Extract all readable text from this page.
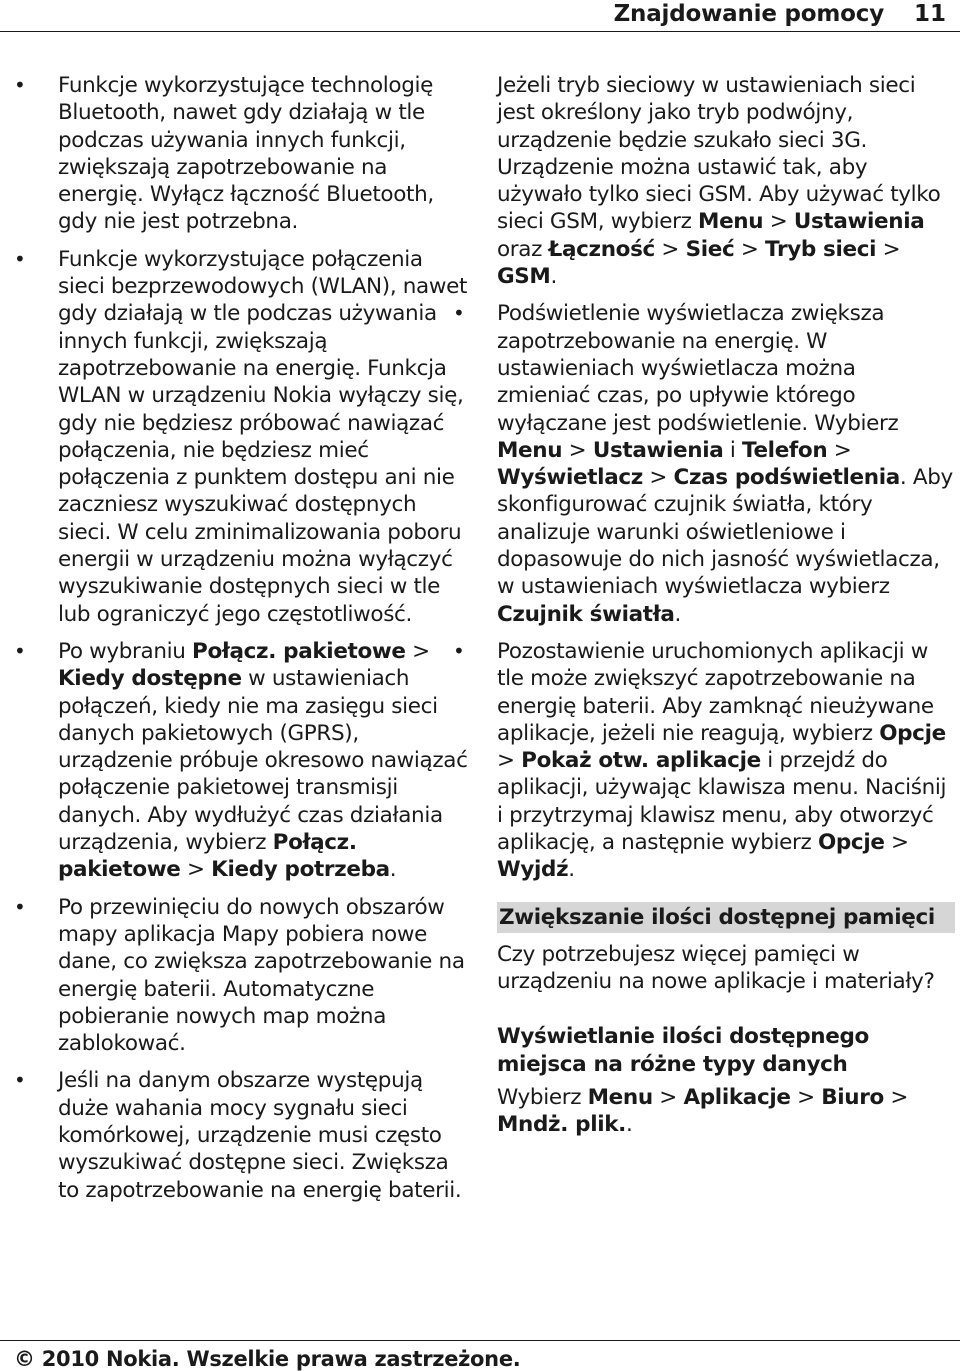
Znajdowanie pomocy 11
• Funkcje wykorzystujące technologię Bluetooth, nawet gdy działają w tle podczas używania innych funkcji, zwiększają zapotrzebowanie na energię. Wyłącz łączność Bluetooth, gdy nie jest potrzebna.
• Funkcje wykorzystujące połączenia sieci bezprzewodowych (WLAN), nawet gdy działają w tle podczas używania innych funkcji, zwiększają zapotrzebowanie na energię. Funkcja WLAN w urządzeniu Nokia wyłączy się, gdy nie będziesz próbować nawiązać połączenia, nie będziesz mieć połączenia z punktem dostępu ani nie zaczniesz wyszukiwać dostępnych sieci. W celu zminimalizowania poboru energii w urządzeniu można wyłączyć wyszukiwanie dostępnych sieci w tle lub ograniczyć jego częstotliwość.
• Po wybraniu Połącz. pakietowe > Kiedy dostępne w ustawieniach połączeń, kiedy nie ma zasięgu sieci danych pakietowych (GPRS), urządzenie próbuje okresowo nawiązać połączenie pakietowej transmisji danych. Aby wydłużyć czas działania urządzenia, wybierz Połącz. pakietowe > Kiedy potrzeba.
• Po przewinięciu do nowych obszarów mapy aplikacja Mapy pobiera nowe dane, co zwiększa zapotrzebowanie na energię baterii. Automatyczne pobieranie nowych map można zablokować.
• Jeśli na danym obszarze występują duże wahania mocy sygnału sieci komórkowej, urządzenie musi często wyszukiwać dostępne sieci. Zwiększa to zapotrzebowanie na energię baterii.

Jeżeli tryb sieciowy w ustawieniach sieci jest określony jako tryb podwójny, urządzenie będzie szukało sieci 3G. Urządzenie można ustawić tak, aby używało tylko sieci GSM. Aby używać tylko sieci GSM, wybierz Menu > Ustawienia oraz Łączność > Sieć > Tryb sieci > GSM.

• Podświetlenie wyświetlacza zwiększa zapotrzebowanie na energię. W ustawieniach wyświetlacza można zmieniać czas, po upływie którego wyłączane jest podświetlenie. Wybierz Menu > Ustawienia i Telefon > Wyświetlacz > Czas podświetlenia. Aby skonfigurować czujnik światła, który analizuje warunki oświetleniowe i dopasowuje do nich jasność wyświetlacza, w ustawieniach wyświetlacza wybierz Czujnik światła.
• Pozostawienie uruchomionych aplikacji w tle może zwiększyć zapotrzebowanie na energię baterii. Aby zamknąć nieużywane aplikacje, jeżeli nie reagują, wybierz Opcje > Pokaż otw. aplikacje i przejdź do aplikacji, używając klawisza menu. Naciśnij i przytrzymaj klawisz menu, aby otworzyć aplikację, a następnie wybierz Opcje > Wyjdź.
Zwiększanie ilości dostępnej pamięci

Czy potrzebujesz więcej pamięci w urządzeniu na nowe aplikacje i materiały?

Wyświetlanie ilości dostępnego miejsca na różne typy danych

Wybierz Menu > Aplikacje > Biuro > Mndż. plik..

© 2010 Nokia. Wszelkie prawa zastrzeżone.
